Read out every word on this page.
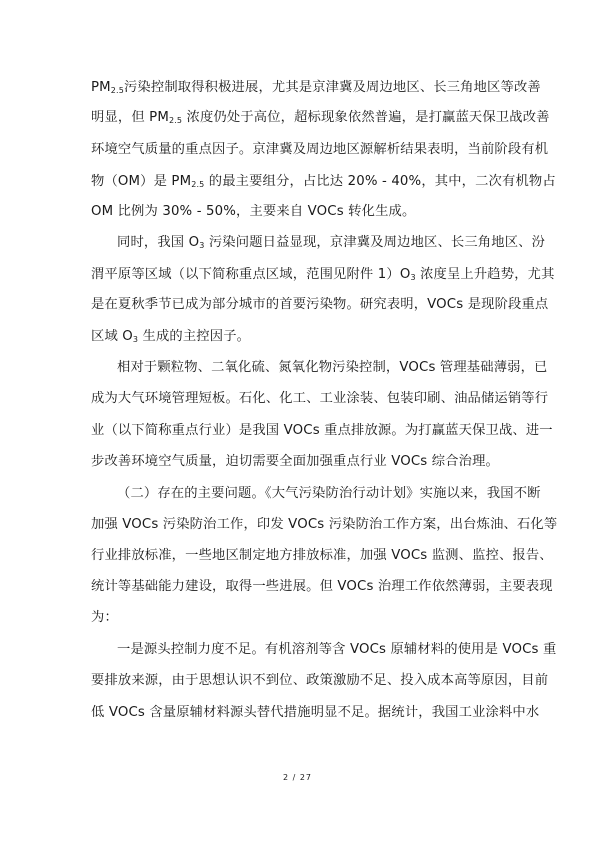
$PM_{2.5}$污染控制取得积极进展，尤其是京津冀及周边地区、长三角地区等改善
明显，但 $PM_{2.5}$ 浓度仍处于高位，超标现象依然普遍，是打赢蓝天保卫战改善
环境空气质量的重点因子。京津冀及周边地区源解析结果表明，当前阶段有机
物（OM）是 $PM_{2.5}$ 的最主要组分，占比达 20% - 40%，其中，二次有机物占
OM 比例为 30% - 50%，主要来自 VOCs 转化生成。
同时，我国 $O_3$ 污染问题日益显现，京津冀及周边地区、长三角地区、汾
渭平原等区域（以下简称重点区域，范围见附件 $1)O_3$ 浓度呈上升趋势，尤其
是在夏秋季节已成为部分城市的首要污染物。研究表明，VOCs 是现阶段重点
区域 $O_3$ 生成的主控因子。
相对于颗粒物、二氧化硫、氮氧化物污染控制，VOCs 管理基础薄弱，已
成为大气环境管理短板。石化、化工、工业涂装、包装印刷、油品储运销等行
业（以下简称重点行业）是我国 VOCs 重点排放源。为打赢蓝天保卫战、进一
步改善环境空气质量，迫切需要全面加强重点行业 VOCs 综合治理。
（二）存在的主要问题。《大气污染防治行动计划》实施以来，我国不断
加强 VOCs 污染防治工作，印发 VOCs 污染防治工作方案，出台炼油、石化等
行业排放标准，一些地区制定地方排放标准，加强 VOCs 监测、监控、报告、
统计等基础能力建设，取得一些进展。但 VOCs 治理工作依然薄弱，主要表现
为：
一是源头控制力度不足。有机溶剂等含 VOCs 原辅材料的使用是 VOCs 重
要排放来源，由于思想认识不到位、政策激励不足、投入成本高等原因，目前
低 VOCs 含量原辅材料源头替代措施明显不足。据统计，我国工业涂料中水
2 / 27
